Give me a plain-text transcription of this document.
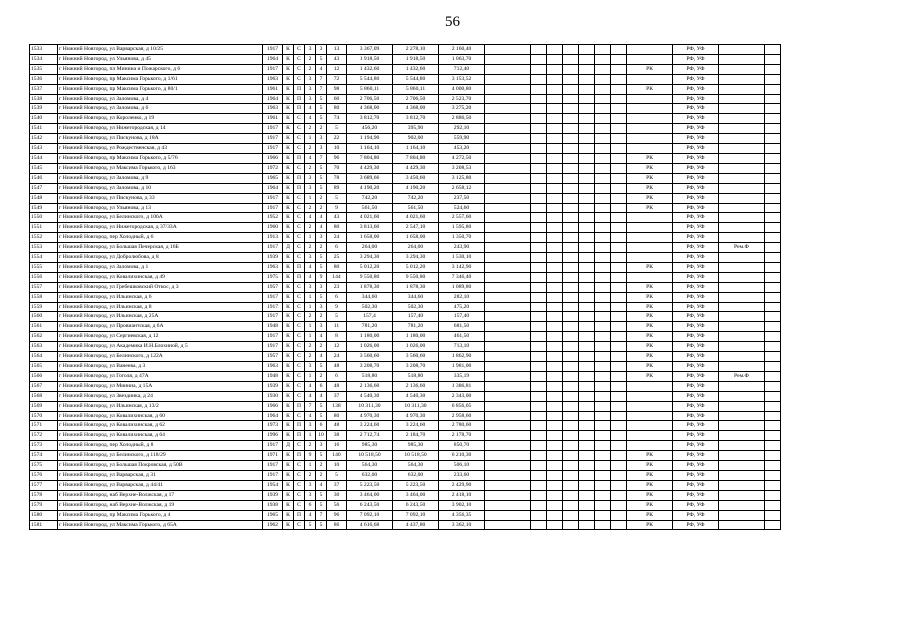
56
1533	г Нижний Новгород, ул Варварская, д 10/25	1917	К	С	3	3	13	3 367,09	2 278,10	2 160,40									РФ, УФ		
1534	г Нижний Новгород, ул Ульянова, д 45	1964	К	С	2	5	43	1 918,50	1 918,50	1 063,70									РФ, УФ		
1535	г Нижний Новгород, пл Минина и Пожарского, д 6	1917	К	С	2	4	12	1 432,60	1 432,60	712,40								РК	РФ, УФ		
1536	г Нижний Новгород, пр Максима Горького, д 1/61	1963	К	С	3	7	72	5 544,80	5 544,80	3 153,52									РФ, УФ		
1537	г Нижний Новгород, пр Максима Горького, д 80/1	1961	К	П	3	7	98	5 860,11	5 860,11	4 000,80								РК	РФ, УФ		
1538	г Нижний Новгород, ул Заломова, д 4	1964	К	П	3	5	60	2 706,50	2 706,50	2 523,70									РФ, УФ		
1539	г Нижний Новгород, ул Заломова, д 6	1963	К	П	4	5	80	4 368,00	4 368,00	3 275,20									РФ, УФ		
1540	г Нижний Новгород, ул Короленко, д 19	1961	К	С	4	5	74	3 812,70	3 812,70	2 886,50									РФ, УФ		
1541	г Нижний Новгород, ул Нижегородская, д 14	1917	К	С	2	2	5	456,20	395,90	292,10									РФ, УФ		
1542	г Нижний Новгород, ул Пискунова, д 18А	1917	К	С	1	3	22	1 194,90	902,00	559,90									РФ, УФ		
1543	г Нижний Новгород, ул Рождественская, д 43	1917	К	С	2	3	10	1 164,10	1 164,10	453,20									РФ, УФ		
1544	г Нижний Новгород, пр Максима Горького, д 5/76	1966	К	П	4	7	96	7 804,80	7 804,80	4 272,50								РК	РФ, УФ		
1545	г Нижний Новгород, ул Максима Горького, д 163	1972	К	С	2	5	70	4 429,30	4 429,30	3 208,53								РК	РФ, УФ		
1546	г Нижний Новгород, ул Заломова, д 9	1965	К	П	3	5	78	3 689,66	3 450,60	3 125,80								РК	РФ, УФ		
1547	г Нижний Новгород, ул Заломова, д 10	1964	К	П	3	5	89	4 190,20	4 190,20	2 658,12								РК	РФ, УФ		
1548	г Нижний Новгород, ул Пискунова, д 33	1917	К	С	1	2	5	742,20	742,20	237,50								РК	РФ, УФ		
1549	г Нижний Новгород, ул Ульянова, д 13	1917	К	С	2	2	9	561,50	561,50	524,60								РК	РФ, УФ		
1550	г Нижний Новгород, ул Белинского, д 106А	1952	К	С	4	4	43	4 021,60	4 021,60	2 557,60									РФ, УФ		
1551	г Нижний Новгород, ул Нижегородская, д 37/33А	1960	К	С	2	4	80	3 813,60	2 547,10	1 595,80									РФ, УФ		
1552	г Нижний Новгород, пер Холодный, д 6	1913	К	С	1	3	24	1 658,00	1 658,00	1 350,70									РФ, УФ		
1553	г Нижний Новгород, ул Большая Печерская, д 16Б	1917	Д	С	2	2	6	264,00	264,00	243,90									РФ, УФ	Рем.Ф	
1554	г Нижний Новгород, ул Добролюбова, д 8	1939	К	С	3	5	25	3 294,30	3 294,30	1 530,10									РФ, УФ		
1555	г Нижний Новгород, ул Заломова, д 1	1963	К	П	4	5	80	5 012,20	5 012,20	3 142,90								РК	РФ, УФ		
1556	г Нижний Новгород, ул Ковалихинская, д 49	1975	К	П	4	9	144	9 550,80	9 550,80	7 346,40									РФ, УФ		
1557	г Нижний Новгород, ул Гребешковский Откос, д 3	1957	К	С	3	3	23	1 878,30	1 878,30	1 089,80								РК	РФ, УФ		
1558	г Нижний Новгород, ул Ильинская, д 6	1917	К	С	1	5	6	344,60	344,60	282,10								РК	РФ, УФ		
1559	г Нижний Новгород, ул Ильинская, д 8	1917	К	С	1	3	9	502,30	502,30	475,20								РК	РФ, УФ		
1560	г Нижний Новгород, ул Ильинская, д 25А	1917	К	С	2	2	5	157,4	157,40	157,40								РК	РФ, УФ		
1561	г Нижний Новгород, ул Провиантская, д 6А	1948	К	С	1	3	11	781,20	781,20	681,50								РК	РФ, УФ		
1562	г Нижний Новгород, ул Сергиевская, д 12	1917	К	С	1	4	8	1 180,00	1 180,00	461,50								РК	РФ, УФ		
1563	г Нижний Новгород, ул Академика И.Н.Блохиной, д 5	1917	К	С	2	2	12	1 026,00	1 026,00	713,10								РК	РФ, УФ		
1564	г Нижний Новгород, ул Белинского, д 122А	1957	К	С	2	4	24	3 560,60	3 560,60	1 862,90								РК	РФ, УФ		
1565	г Нижний Новгород, ул Ванеева, д 3	1963	К	С	3	5	48	3 208,70	3 208,70	1 981,00								РК	РФ, УФ		
1566	г Нижний Новгород, ул Гоголя, д 47А	1948	К	С	1	2	6	518,80	518,80	335,19								РК	РФ, УФ	Рем.Ф	
1567	г Нижний Новгород, ул Минина, д 15А	1939	К	С	4	6	48	2 136,60	2 136,60	1 386,81									РФ, УФ		
1568	г Нижний Новгород, ул Звездинка, д 24	1930	К	С	4	4	37	4 540,30	4 540,30	2 343,00									РФ, УФ		
1569	г Нижний Новгород, ул Ильинская, д 13/2	1966	К	П	7	5	138	10 311,30	10 311,30	6 856,05									РФ, УФ		
1570	г Нижний Новгород, ул Ковалихинская, д 60	1964	К	С	4	5	80	4 970,30	4 970,30	2 958,60									РФ, УФ		
1571	г Нижний Новгород, ул Ковалихинская, д 62	1973	К	П	3	6	48	3 224,60	3 224,60	2 780,60									РФ, УФ		
1572	г Нижний Новгород, ул Ковалихинская, д 64	1996	К	П	1	10	38	2 712,74	2 184,70	2 178,70									РФ, УФ		
1573	г Нижний Новгород, пер Холодный, д 8	1917	Д	С	2	3	16	985,30	985,30	850,70									РФ, УФ		
1574	г Нижний Новгород, ул Белинского, д 118/29	1971	К	П	9	5	140	10 518,50	10 518,50	6 210,30								РК	РФ, УФ		
1575	г Нижний Новгород, ул Большая Покровская, д 50В	1917	К	С	1	2	10	564,30	564,30	506,10								РК	РФ, УФ		
1576	г Нижний Новгород, ул Варварская, д 31	1917	К	С	2	2	5	632,00	632,00	233,60								РК	РФ, УФ		
1577	г Нижний Новгород, ул Варварская, д 44/41	1954	К	С	3	4	37	5 223,50	5 223,50	2 429,90								РК	РФ, УФ		
1578	г Нижний Новгород, наб Верхне-Волжская, д 17	1939	К	С	3	5	30	3 464,00	3 464,00	2 418,10								РК	РФ, УФ		
1579	г Нижний Новгород, наб Верхне-Волжская, д 19	1938	К	С	6	5	56	6 243,50	6 243,50	3 902,10								РК	РФ, УФ		
1580	г Нижний Новгород, пр Максима Горького, д 4	1965	К	П	4	7	96	7 092,10	7 092,10	4 356,35								РК	РФ, УФ		
1581	г Нижний Новгород, ул Максима Горького, д 65А	1962	К	С	5	5	86	4 616,68	4 437,80	3 362,10								РК	РФ, УФ		
